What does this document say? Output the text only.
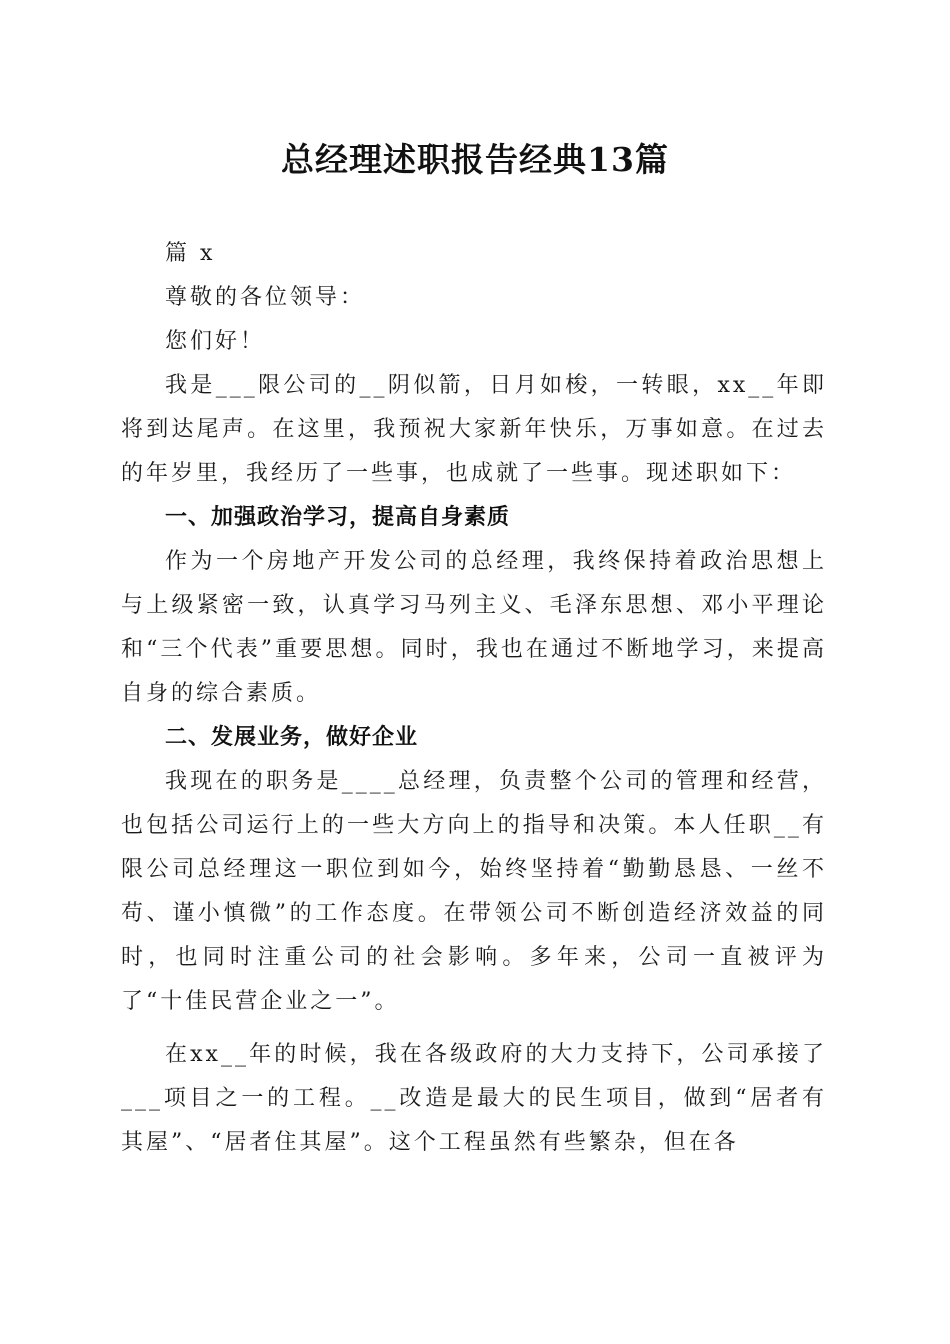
总经理述职报告经典13篇

篇 x

尊敬的各位领导：

您们好！

我是___限公司的__阴似箭，日月如梭，一转眼，xx__年即将到达尾声。在这里，我预祝大家新年快乐，万事如意。在过去的年岁里，我经历了一些事，也成就了一些事。现述职如下：

一、加强政治学习，提高自身素质

作为一个房地产开发公司的总经理，我终保持着政治思想上与上级紧密一致，认真学习马列主义、毛泽东思想、邓小平理论和“三个代表”重要思想。同时，我也在通过不断地学习，来提高自身的综合素质。

二、发展业务，做好企业

我现在的职务是____总经理，负责整个公司的管理和经营，也包括公司运行上的一些大方向上的指导和决策。本人任职__有限公司总经理这一职位到如今，始终坚持着“勤勤恳恳、一丝不苟、谨小慎微”的工作态度。在带领公司不断创造经济效益的同时，也同时注重公司的社会影响。多年来，公司一直被评为了“十佳民营企业之一”。

在xx__年的时候，我在各级政府的大力支持下，公司承接了___项目之一的工程。__改造是最大的民生项目，做到“居者有其屋”、“居者住其屋”。这个工程虽然有些繁杂，但在各
